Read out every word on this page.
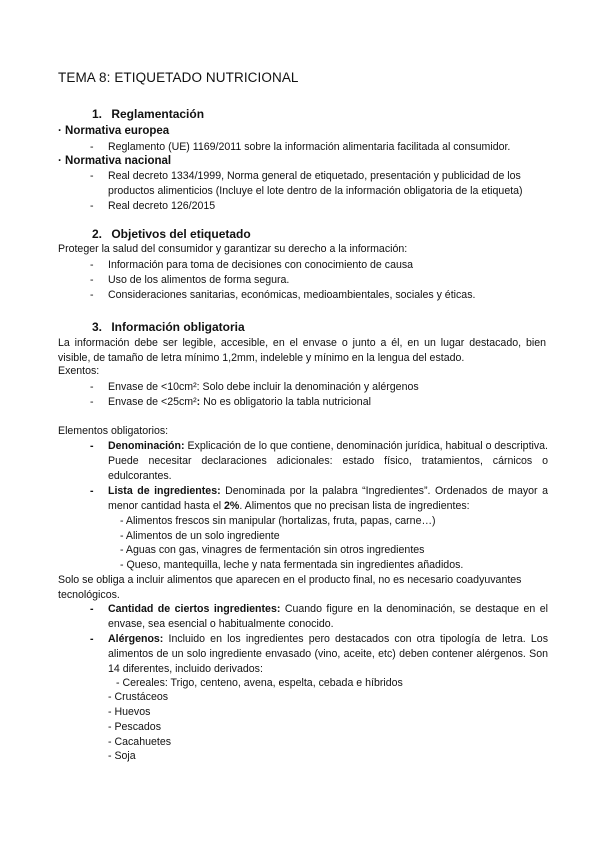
TEMA 8: ETIQUETADO NUTRICIONAL
1. Reglamentación
· Normativa europea
- Reglamento (UE) 1169/2011 sobre la información alimentaria facilitada al consumidor.
· Normativa nacional
- Real decreto 1334/1999, Norma general de etiquetado, presentación y publicidad de los productos alimenticios (Incluye el lote dentro de la información obligatoria de la etiqueta)
- Real decreto 126/2015
2. Objetivos del etiquetado
Proteger la salud del consumidor y garantizar su derecho a la información:
- Información para toma de decisiones con conocimiento de causa
- Uso de los alimentos de forma segura.
- Consideraciones sanitarias, económicas, medioambientales, sociales y éticas.
3. Información obligatoria
La información debe ser legible, accesible, en el envase o junto a él, en un lugar destacado, bien visible, de tamaño de letra mínimo 1,2mm, indeleble y mínimo en la lengua del estado.
Exentos:
- Envase de <10cm²: Solo debe incluir la denominación y alérgenos
- Envase de <25cm²: No es obligatorio la tabla nutricional
Elementos obligatorios:
- Denominación: Explicación de lo que contiene, denominación jurídica, habitual o descriptiva. Puede necesitar declaraciones adicionales: estado físico, tratamientos, cárnicos o edulcorantes.
- Lista de ingredientes: Denominada por la palabra “Ingredientes”. Ordenados de mayor a menor cantidad hasta el 2%. Alimentos que no precisan lista de ingredientes:
- Alimentos frescos sin manipular (hortalizas, fruta, papas, carne…)
- Alimentos de un solo ingrediente
- Aguas con gas, vinagres de fermentación sin otros ingredientes
- Queso, mantequilla, leche y nata fermentada sin ingredientes añadidos.
Solo se obliga a incluir alimentos que aparecen en el producto final, no es necesario coadyuvantes tecnológicos.
- Cantidad de ciertos ingredientes: Cuando figure en la denominación, se destaque en el envase, sea esencial o habitualmente conocido.
- Alérgenos: Incluido en los ingredientes pero destacados con otra tipología de letra. Los alimentos de un solo ingrediente envasado (vino, aceite, etc) deben contener alérgenos. Son 14 diferentes, incluido derivados:
- Cereales: Trigo, centeno, avena, espelta, cebada e híbridos
- Crustáceos
- Huevos
- Pescados
- Cacahuetes
- Soja
